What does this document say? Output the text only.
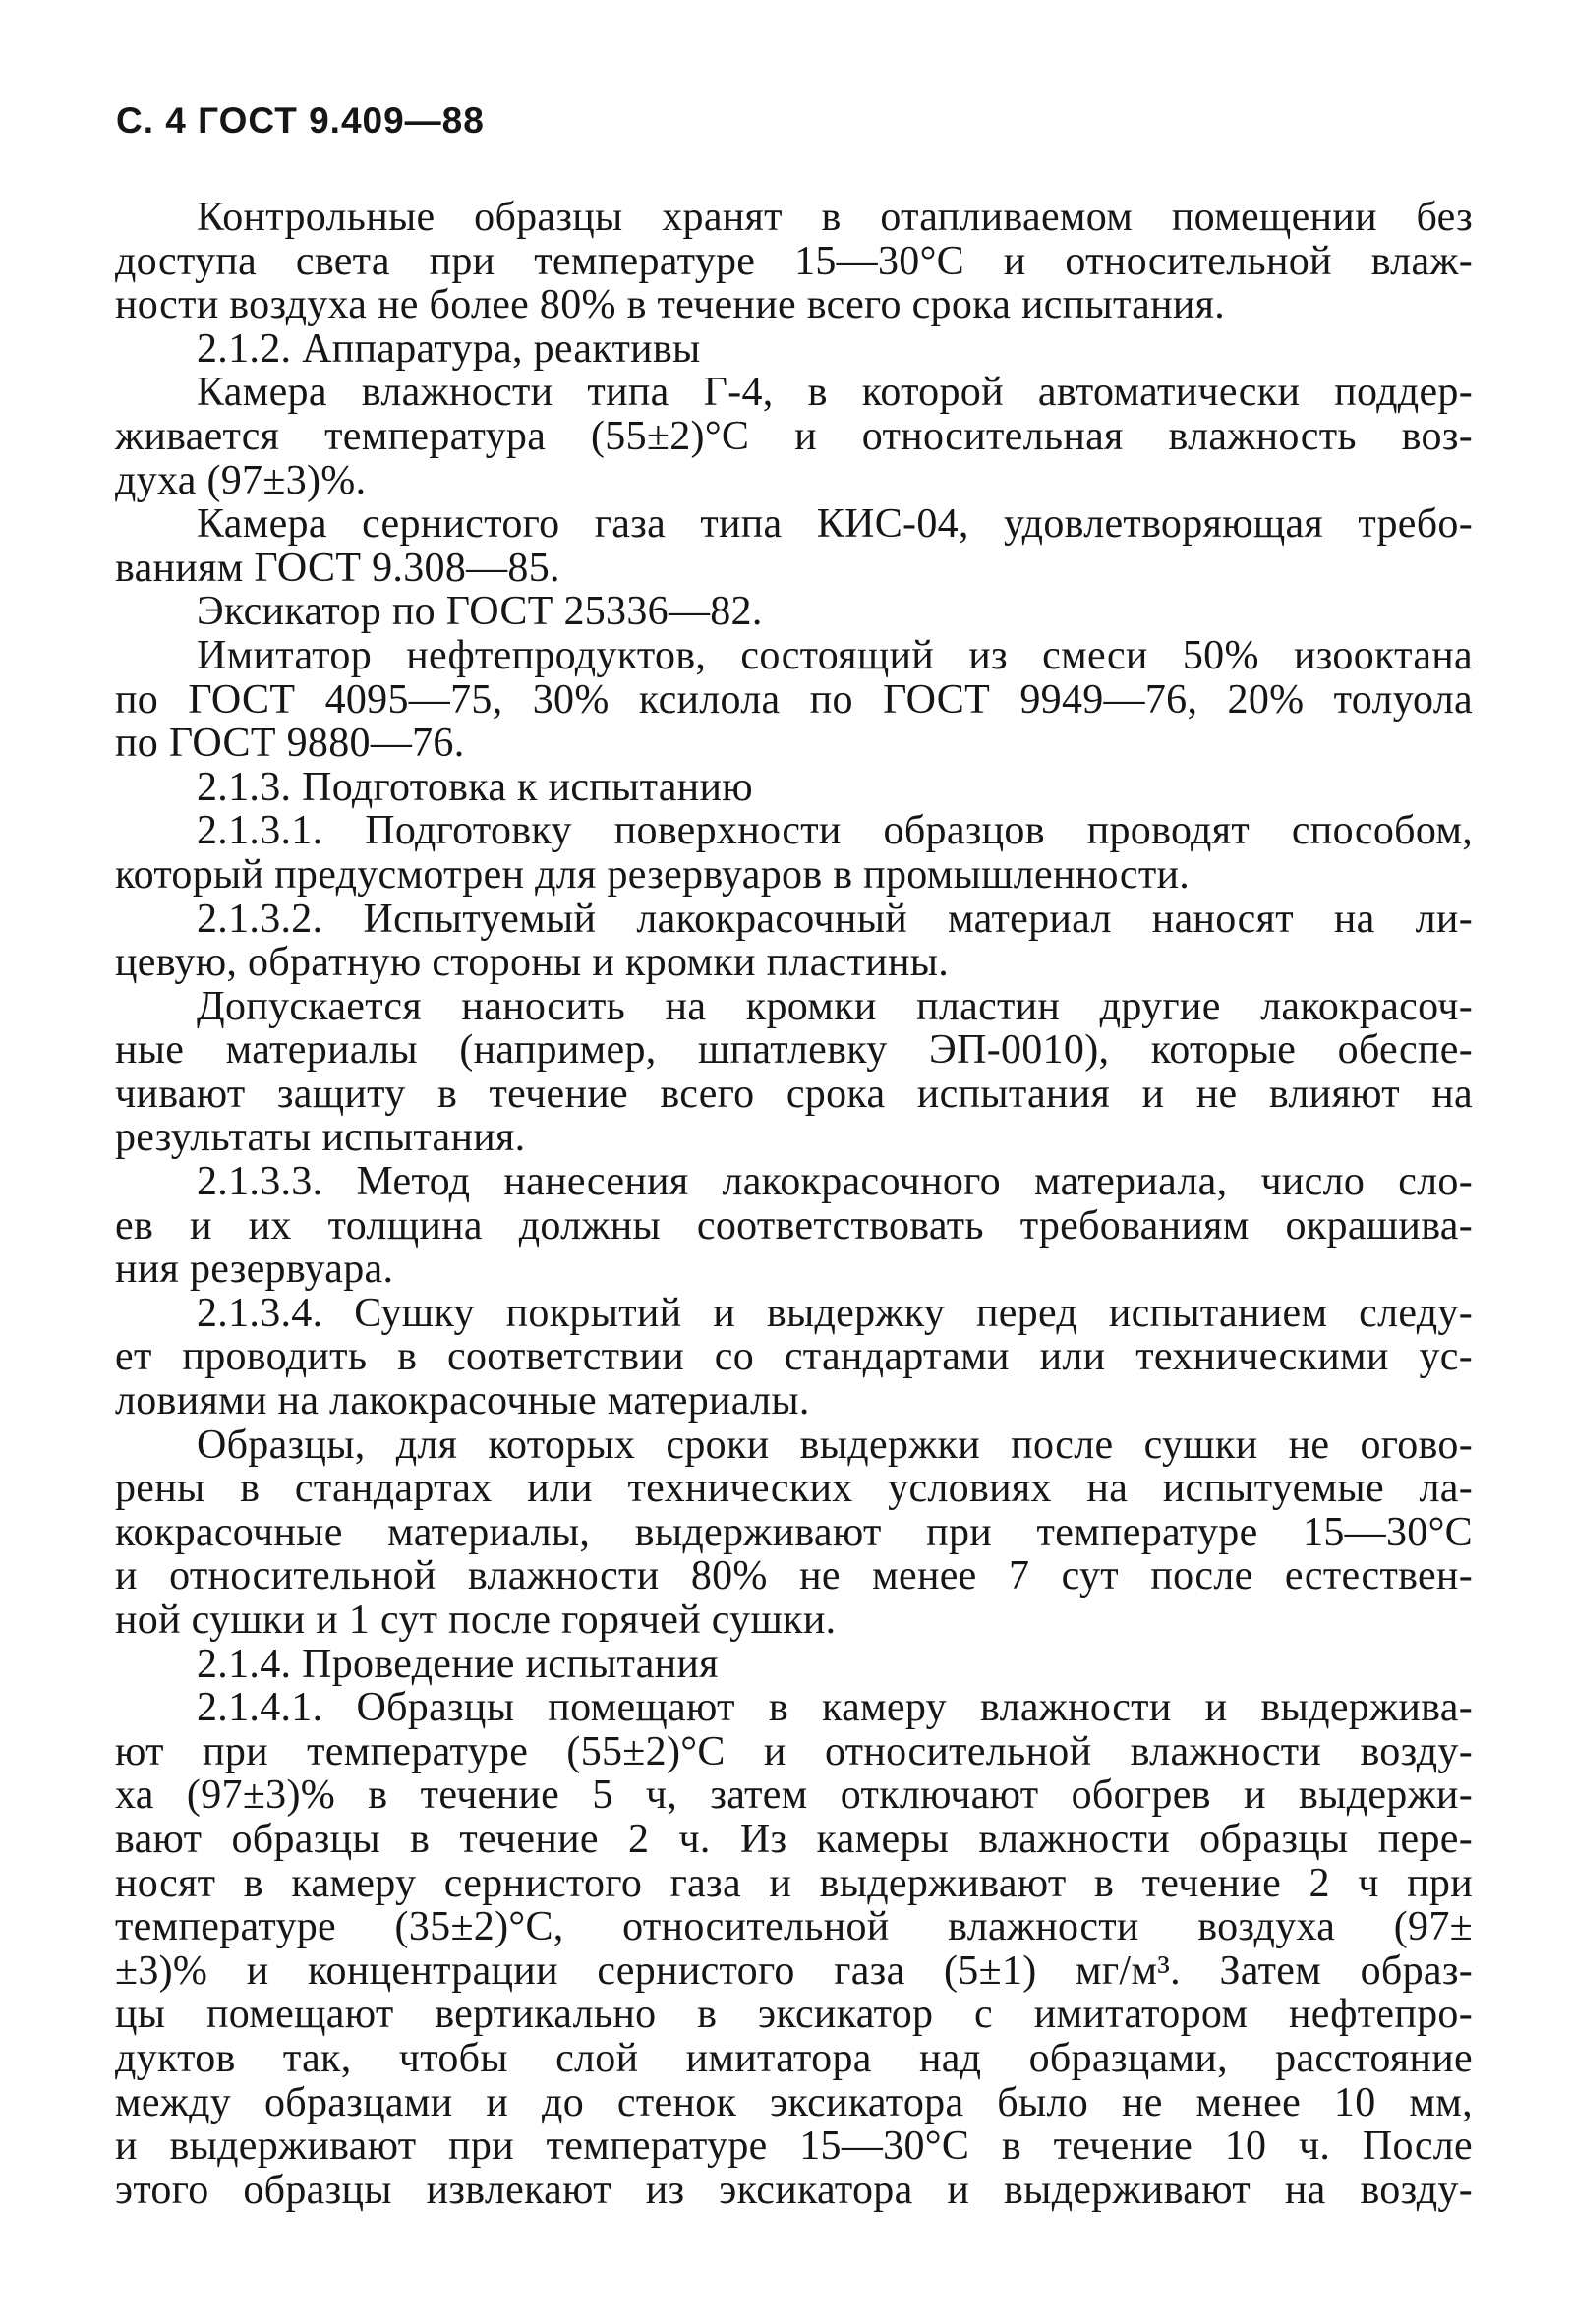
С. 4 ГОСТ 9.409—88
Контрольные образцы хранят в отапливаемом помещении без
доступа света при температуре 15—30°С и относительной влаж-
ности воздуха не более 80% в течение всего срока испытания.
2.1.2. Аппаратура, реактивы
Камера влажности типа Г-4, в которой автоматически поддер-
живается температура (55±2)°С и относительная влажность воз-
духа (97±3)%.
Камера сернистого газа типа КИС-04, удовлетворяющая требо-
ваниям ГОСТ 9.308—85.
Эксикатор по ГОСТ 25336—82.
Имитатор нефтепродуктов, состоящий из смеси 50% изооктана
по ГОСТ 4095—75, 30% ксилола по ГОСТ 9949—76, 20% толуола
по ГОСТ 9880—76.
2.1.3. Подготовка к испытанию
2.1.3.1. Подготовку поверхности образцов проводят способом,
который предусмотрен для резервуаров в промышленности.
2.1.3.2. Испытуемый лакокрасочный материал наносят на ли-
цевую, обратную стороны и кромки пластины.
Допускается наносить на кромки пластин другие лакокрасоч-
ные материалы (например, шпатлевку ЭП-0010), которые обеспе-
чивают защиту в течение всего срока испытания и не влияют на
результаты испытания.
2.1.3.3. Метод нанесения лакокрасочного материала, число сло-
ев и их толщина должны соответствовать требованиям окрашива-
ния резервуара.
2.1.3.4. Сушку покрытий и выдержку перед испытанием следу-
ет проводить в соответствии со стандартами или техническими ус-
ловиями на лакокрасочные материалы.
Образцы, для которых сроки выдержки после сушки не огово-
рены в стандартах или технических условиях на испытуемые ла-
кокрасочные материалы, выдерживают при температуре 15—30°С
и относительной влажности 80% не менее 7 сут после естествен-
ной сушки и 1 сут после горячей сушки.
2.1.4. Проведение испытания
2.1.4.1. Образцы помещают в камеру влажности и выдержива-
ют при температуре (55±2)°С и относительной влажности возду-
ха (97±3)% в течение 5 ч, затем отключают обогрев и выдержи-
вают образцы в течение 2 ч. Из камеры влажности образцы пере-
носят в камеру сернистого газа и выдерживают в течение 2 ч при
температуре (35±2)°С, относительной влажности воздуха (97±
±3)% и концентрации сернистого газа (5±1) мг/м³. Затем образ-
цы помещают вертикально в эксикатор с имитатором нефтепро-
дуктов так, чтобы слой имитатора над образцами, расстояние
между образцами и до стенок эксикатора было не менее 10 мм,
и выдерживают при температуре 15—30°С в течение 10 ч. После
этого образцы извлекают из эксикатора и выдерживают на возду-
